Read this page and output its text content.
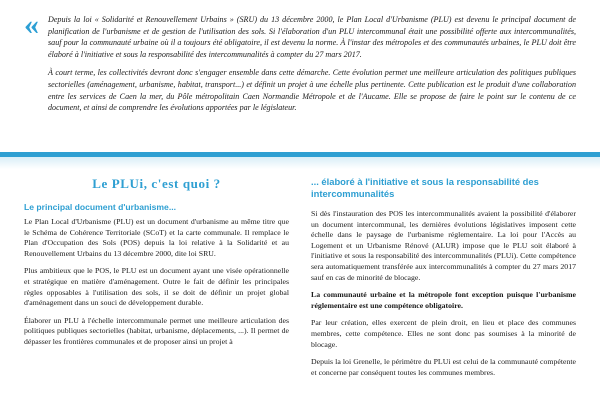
« Depuis la loi « Solidarité et Renouvellement Urbains » (SRU) du 13 décembre 2000, le Plan Local d'Urbanisme (PLU) est devenu le principal document de planification de l'urbanisme et de gestion de l'utilisation des sols. Si l'élaboration d'un PLU intercommunal était une possibilité offerte aux intercommunalités, sauf pour la communauté urbaine où il a toujours été obligatoire, il est devenu la norme. À l'instar des métropoles et des communautés urbaines, le PLU doit être élaboré à l'initiative et sous la responsabilité des intercommunalités à compter du 27 mars 2017.

À court terme, les collectivités devront donc s'engager ensemble dans cette démarche. Cette évolution permet une meilleure articulation des politiques publiques sectorielles (aménagement, urbanisme, habitat, transport...) et définit un projet à une échelle plus pertinente. Cette publication est le produit d'une collaboration entre les services de Caen la mer, du Pôle métropolitain Caen Normandie Métropole et de l'Aucame. Elle se propose de faire le point sur le contenu de ce document, et ainsi de comprendre les évolutions apportées par le législateur.

Le PLUi, c'est quoi ?
Le principal document d'urbanisme...

Le Plan Local d'Urbanisme (PLU) est un document d'urbanisme au même titre que le Schéma de Cohérence Territoriale (SCoT) et la carte communale. Il remplace le Plan d'Occupation des Sols (POS) depuis la loi relative à la Solidarité et au Renouvellement Urbains du 13 décembre 2000, dite loi SRU.

Plus ambitieux que le POS, le PLU est un document ayant une visée opérationnelle et stratégique en matière d'aménagement. Outre le fait de définir les principales règles opposables à l'utilisation des sols, il se doit de définir un projet global d'aménagement dans un souci de développement durable.

Élaborer un PLU à l'échelle intercommunale permet une meilleure articulation des politiques publiques sectorielles (habitat, urbanisme, déplacements, ...). Il permet de dépasser les frontières communales et de proposer ainsi un projet à

... élaboré à l'initiative et sous la responsabilité des intercommunalités

Si dès l'instauration des POS les intercommunalités avaient la possibilité d'élaborer un document intercommunal, les dernières évolutions législatives imposent cette échelle dans le paysage de l'urbanisme réglementaire. La loi pour l'Accès au Logement et un Urbanisme Rénové (ALUR) impose que le PLU soit élaboré à l'initiative et sous la responsabilité des intercommunalités (PLUi). Cette compétence sera automatiquement transférée aux intercommunalités à compter du 27 mars 2017 sauf en cas de minorité de blocage.

La communauté urbaine et la métropole font exception puisque l'urbanisme réglementaire est une compétence obligatoire.

Par leur création, elles exercent de plein droit, en lieu et place des communes membres, cette compétence. Elles ne sont donc pas soumises à la minorité de blocage.

Depuis la loi Grenelle, le périmètre du PLUi est celui de la communauté compétente et concerne par conséquent toutes les communes membres.
